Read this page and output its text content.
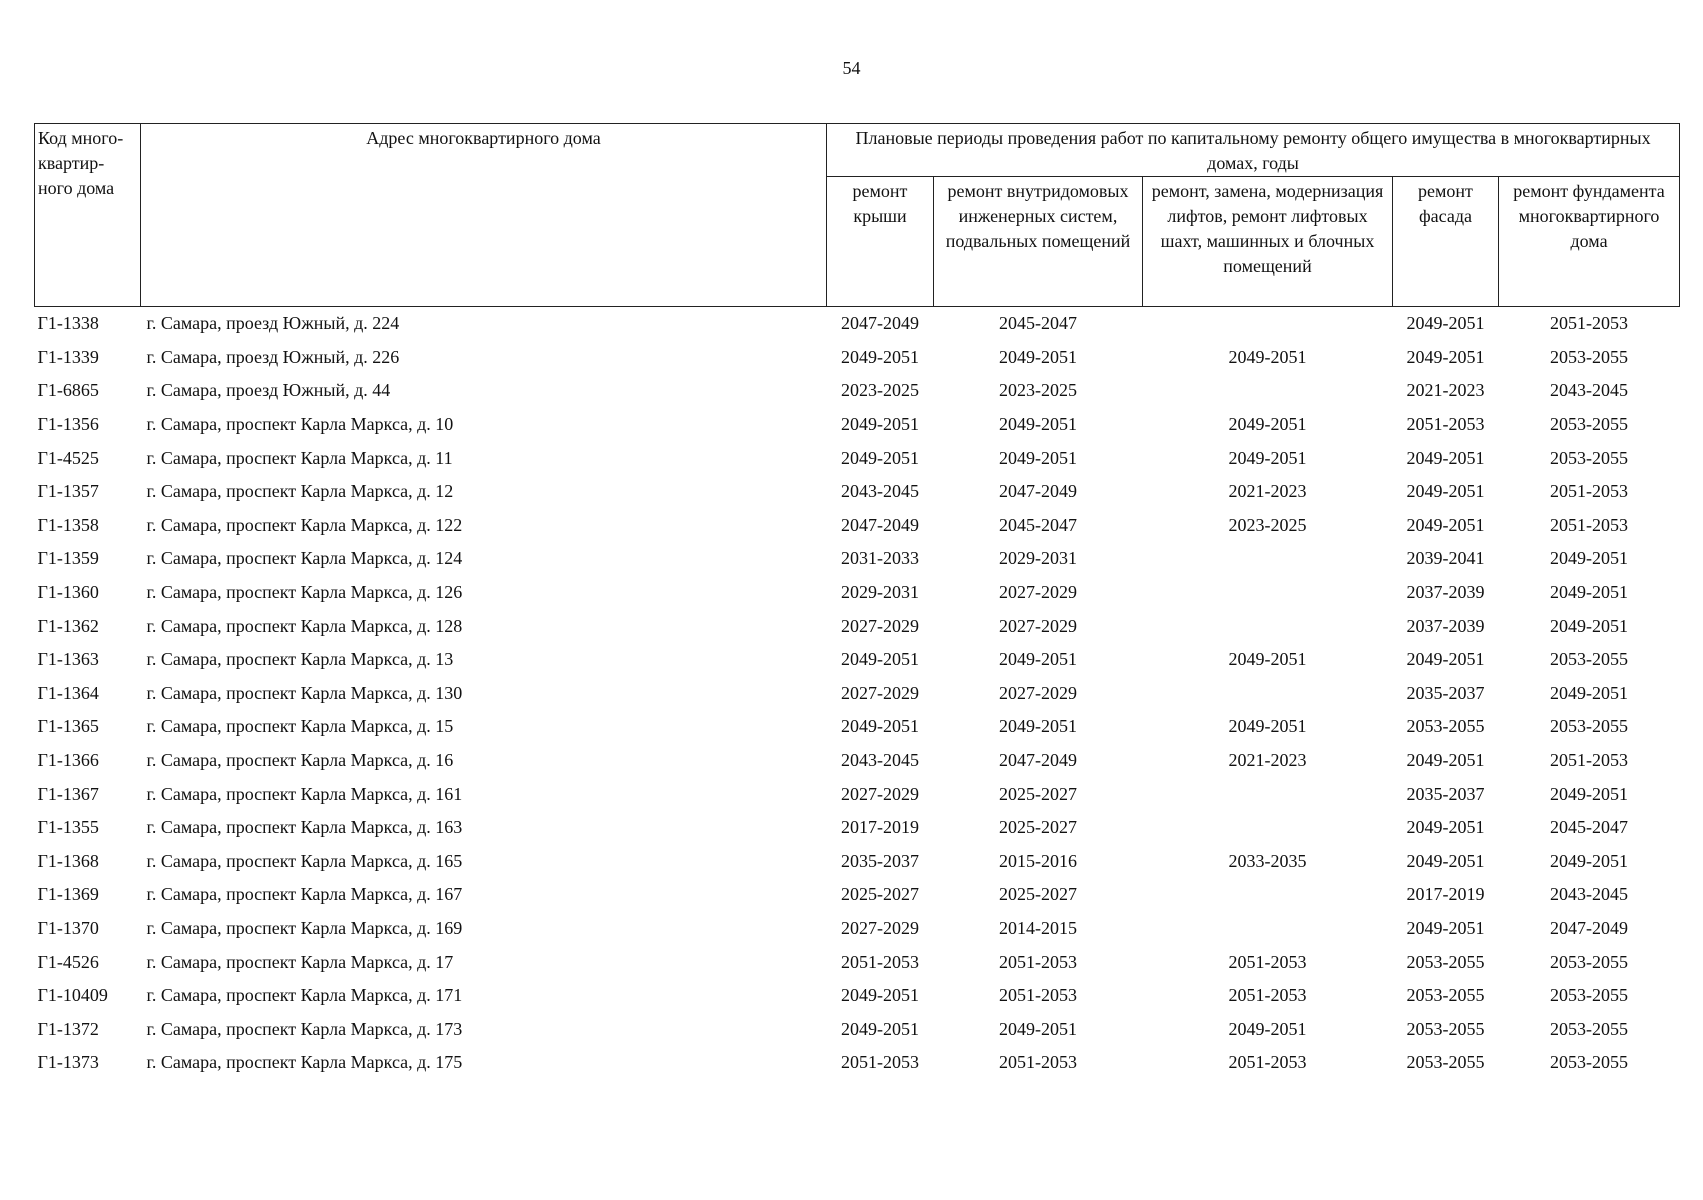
54
Код много-квартир-ного дома	Адрес многоквартирного дома	Плановые периоды проведения работ по капитальному ремонту общего имущества в многоквартирных домах, годы				
		ремонт крыши	ремонт внутридомовых инженерных систем, подвальных помещений	ремонт, замена, модернизация лифтов, ремонт лифтовых шахт, машинных и блочных помещений	ремонт фасада	ремонт фундамента многоквартирного дома
Г1-1338	г. Самара, проезд Южный, д. 224	2047-2049	2045-2047		2049-2051	2051-2053
Г1-1339	г. Самара, проезд Южный, д. 226	2049-2051	2049-2051	2049-2051	2049-2051	2053-2055
Г1-6865	г. Самара, проезд Южный, д. 44	2023-2025	2023-2025		2021-2023	2043-2045
Г1-1356	г. Самара, проспект Карла Маркса, д. 10	2049-2051	2049-2051	2049-2051	2051-2053	2053-2055
Г1-4525	г. Самара, проспект Карла Маркса, д. 11	2049-2051	2049-2051	2049-2051	2049-2051	2053-2055
Г1-1357	г. Самара, проспект Карла Маркса, д. 12	2043-2045	2047-2049	2021-2023	2049-2051	2051-2053
Г1-1358	г. Самара, проспект Карла Маркса, д. 122	2047-2049	2045-2047	2023-2025	2049-2051	2051-2053
Г1-1359	г. Самара, проспект Карла Маркса, д. 124	2031-2033	2029-2031		2039-2041	2049-2051
Г1-1360	г. Самара, проспект Карла Маркса, д. 126	2029-2031	2027-2029		2037-2039	2049-2051
Г1-1362	г. Самара, проспект Карла Маркса, д. 128	2027-2029	2027-2029		2037-2039	2049-2051
Г1-1363	г. Самара, проспект Карла Маркса, д. 13	2049-2051	2049-2051	2049-2051	2049-2051	2053-2055
Г1-1364	г. Самара, проспект Карла Маркса, д. 130	2027-2029	2027-2029		2035-2037	2049-2051
Г1-1365	г. Самара, проспект Карла Маркса, д. 15	2049-2051	2049-2051	2049-2051	2053-2055	2053-2055
Г1-1366	г. Самара, проспект Карла Маркса, д. 16	2043-2045	2047-2049	2021-2023	2049-2051	2051-2053
Г1-1367	г. Самара, проспект Карла Маркса, д. 161	2027-2029	2025-2027		2035-2037	2049-2051
Г1-1355	г. Самара, проспект Карла Маркса, д. 163	2017-2019	2025-2027		2049-2051	2045-2047
Г1-1368	г. Самара, проспект Карла Маркса, д. 165	2035-2037	2015-2016	2033-2035	2049-2051	2049-2051
Г1-1369	г. Самара, проспект Карла Маркса, д. 167	2025-2027	2025-2027		2017-2019	2043-2045
Г1-1370	г. Самара, проспект Карла Маркса, д. 169	2027-2029	2014-2015		2049-2051	2047-2049
Г1-4526	г. Самара, проспект Карла Маркса, д. 17	2051-2053	2051-2053	2051-2053	2053-2055	2053-2055
Г1-10409	г. Самара, проспект Карла Маркса, д. 171	2049-2051	2051-2053	2051-2053	2053-2055	2053-2055
Г1-1372	г. Самара, проспект Карла Маркса, д. 173	2049-2051	2049-2051	2049-2051	2053-2055	2053-2055
Г1-1373	г. Самара, проспект Карла Маркса, д. 175	2051-2053	2051-2053	2051-2053	2053-2055	2053-2055
